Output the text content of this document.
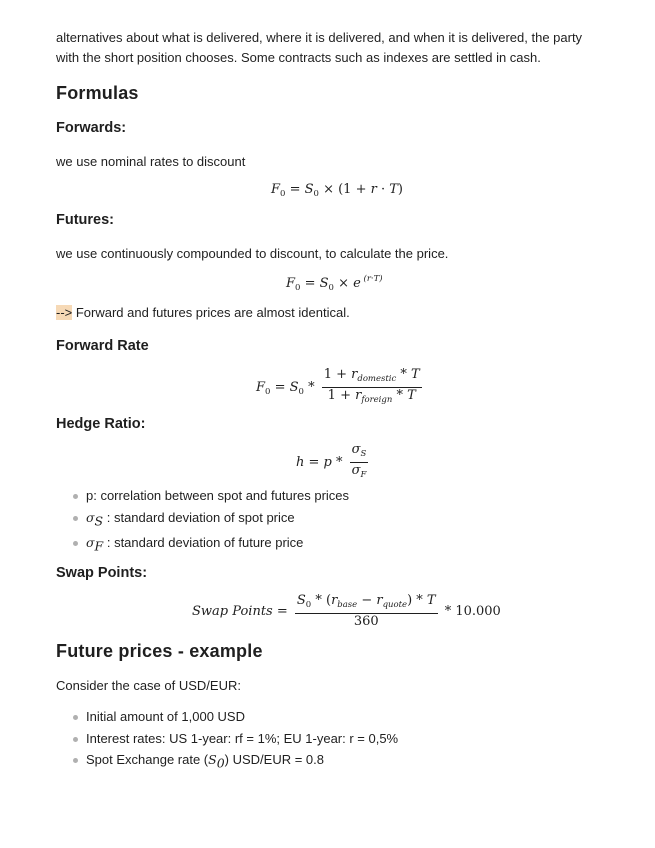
alternatives about what is delivered, where it is delivered, and when it is delivered, the party with the short position chooses. Some contracts such as indexes are settled in cash.

Formulas
Forwards:

we use nominal rates to discount

$F_0 = S_0 \times (1 + r \cdot T)$
Futures:

we use continuously compounded to discount, to calculate the price.

$F_0 = S_0 \times e$ $^{(r\cdot T)}$

--> Forward and futures prices are almost identical.

Forward Rate
$F_0 = S_0 * \frac{1 + r_{domestic} * T}{1 + r_{foreign} * T}$
Hedge Ratio:
$h = p * \frac{\sigma_S}{\sigma_F}$
p: correlation between spot and futures prices
$\sigma_S$ : standard deviation of spot price
$\sigma_F$ : standard deviation of future price
Swap Points:
Swap Points = $\frac{S_0 * (r_{base} - r_{quote}) * T}{360} * 10.000$
Future prices - example

Consider the case of USD/EUR:

Initial amount of 1,000 USD
Interest rates: US 1-year: rf = 1%; EU 1-year: r = 0,5%
Spot Exchange rate $(S_0) USD/EUR = 0.8$
